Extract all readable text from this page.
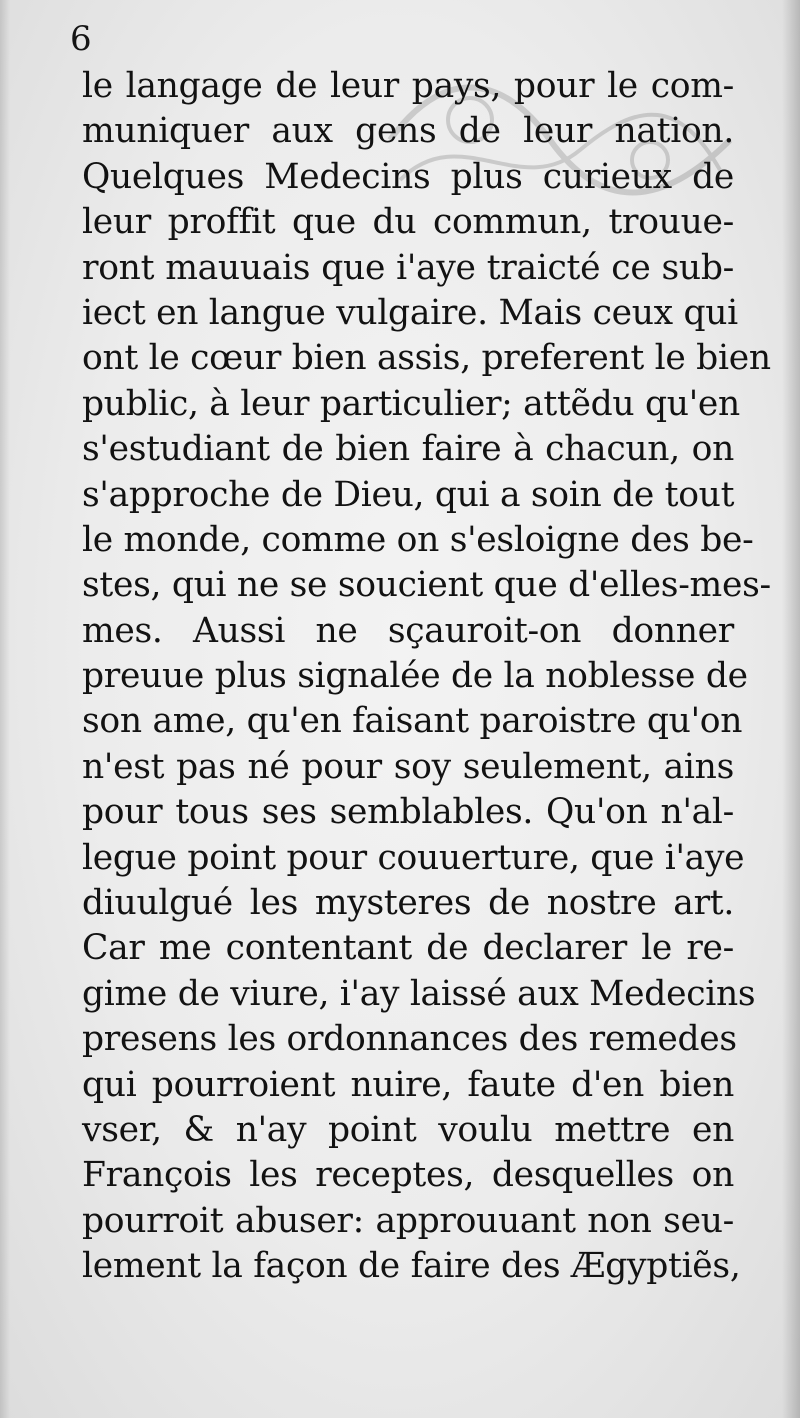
6
le langage de leur pays, pour le com-
muniquer aux gens de leur nation.
Quelques Medecins plus curieux de
leur proffit que du commun, trouue-
ront mauuais que i'aye traicté ce sub-
iect en langue vulgaire. Mais ceux qui
ont le cœur bien assis, preferent le bien
public, à leur particulier; attẽdu qu'en
s'estudiant de bien faire à chacun, on
s'approche de Dieu, qui a soin de tout
le monde, comme on s'esloigne des be-
stes, qui ne se soucient que d'elles-mes-
mes. Aussi ne sçauroit-on donner
preuue plus signalée de la noblesse de
son ame, qu'en faisant paroistre qu'on
n'est pas né pour soy seulement, ains
pour tous ses semblables. Qu'on n'al-
legue point pour couuerture, que i'aye
diuulgué les mysteres de nostre art.
Car me contentant de declarer le re-
gime de viure, i'ay laissé aux Medecins
presens les ordonnances des remedes
qui pourroient nuire, faute d'en bien
vser, & n'ay point voulu mettre en
François les receptes, desquelles on
pourroit abuser: approuuant non seu-
lement la façon de faire des Ægyptiẽs,
